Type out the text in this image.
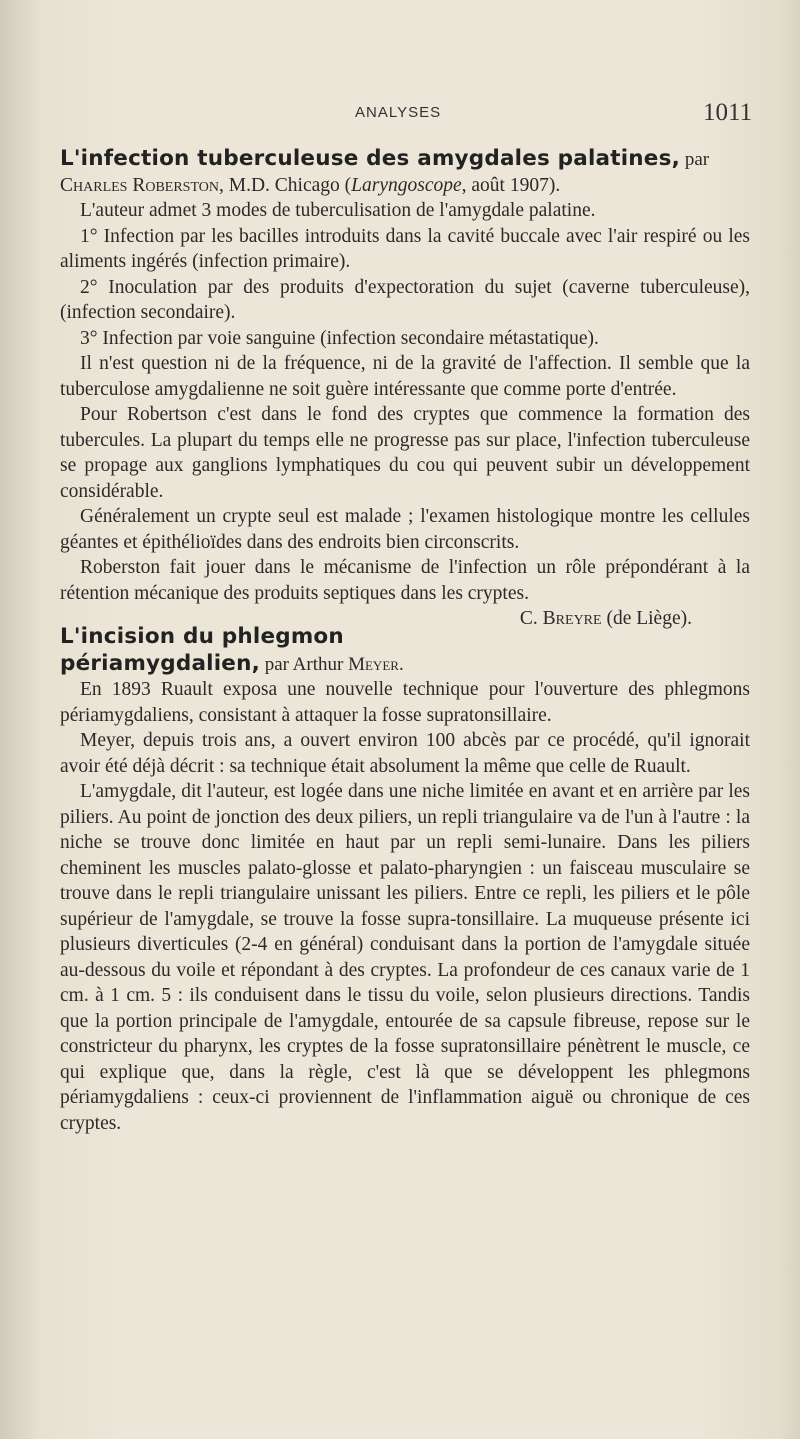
ANALYSES	1011

L'infection tuberculeuse des amygdales palatines, par
Charles Roberston, M.D. Chicago (Laryngoscope, août 1907).

L'auteur admet 3 modes de tuberculisation de l'amygdale palatine.

1° Infection par les bacilles introduits dans la cavité buccale avec l'air respiré ou les aliments ingérés (infection primaire).

2° Inoculation par des produits d'expectoration du sujet (caverne tuberculeuse), (infection secondaire).

3° Infection par voie sanguine (infection secondaire métastatique).

Il n'est question ni de la fréquence, ni de la gravité de l'affection. Il semble que la tuberculose amygdalienne ne soit guère intéressante que comme porte d'entrée.

Pour Robertson c'est dans le fond des cryptes que commence la formation des tubercules. La plupart du temps elle ne progresse pas sur place, l'infection tuberculeuse se propage aux ganglions lymphatiques du cou qui peuvent subir un développement considérable.

Généralement un crypte seul est malade ; l'examen histologique montre les cellules géantes et épithélioïdes dans des endroits bien circonscrits.

Roberston fait jouer dans le mécanisme de l'infection un rôle prépondérant à la rétention mécanique des produits septiques dans les cryptes.
C. Breyre (de Liège).

L'incision du phlegmon périamygdalien, par Arthur Meyer.

En 1893 Ruault exposa une nouvelle technique pour l'ouverture des phlegmons périamygdaliens, consistant à attaquer la fosse supratonsillaire.

Meyer, depuis trois ans, a ouvert environ 100 abcès par ce procédé, qu'il ignorait avoir été déjà décrit : sa technique était absolument la même que celle de Ruault.

L'amygdale, dit l'auteur, est logée dans une niche limitée en avant et en arrière par les piliers. Au point de jonction des deux piliers, un repli triangulaire va de l'un à l'autre : la niche se trouve donc limitée en haut par un repli semi-lunaire. Dans les piliers cheminent les muscles palato-glosse et palato-pharyngien : un faisceau musculaire se trouve dans le repli triangulaire unissant les piliers. Entre ce repli, les piliers et le pôle supérieur de l'amygdale, se trouve la fosse supra-tonsillaire. La muqueuse présente ici plusieurs diverticules (2-4 en général) conduisant dans la portion de l'amygdale située au-dessous du voile et répondant à des cryptes. La profondeur de ces canaux varie de 1 cm. à 1 cm. 5 : ils conduisent dans le tissu du voile, selon plusieurs directions. Tandis que la portion principale de l'amygdale, entourée de sa capsule fibreuse, repose sur le constricteur du pharynx, les cryptes de la fosse supratonsillaire pénètrent le muscle, ce qui explique que, dans la règle, c'est là que se développent les phlegmons périamygdaliens : ceux-ci proviennent de l'inflammation aiguë ou chronique de ces cryptes.
